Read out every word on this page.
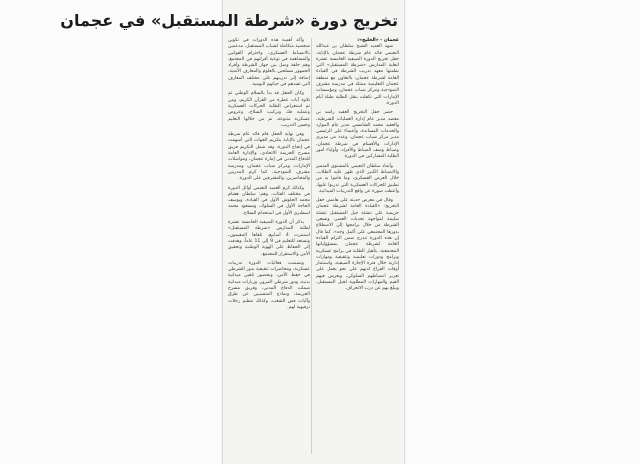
تخريج دورة «شرطة المستقبل» في عجمان
عجمان - «الخليج»:
شهد العميد الشيخ سلطان بن عبدالله النعيمي قائد عام شرطة عجمان بالإنابة، حفل تخريج الدورة الصيفية الخامسة عشرة لتعلية المدارس «شرطة المستقبل» التي نظمتها معهد تدريب الشرطة في القيادة العامة لشرطة عجمان، بالتعاون مع منطقة عجمان التعليمية ممثلة في مدرسة مشرف النموذجية ومركز شباب عجمان، ومؤسسات الإمارات التي تكفلت بنقل الطلبة طيلة أيام الدورة.
حضر حفل التخريج العقيد راشد بن معضد مدير عام إدارة العمليات الشرطية، والعقيد محمد الشامسي مدير عام الموارد والخدمات المساندة، وأعضاء على الرئيسي مدير مركز شباب عجمان، وعدد من مديري الإدارات والأقسام في شرطة عجمان، وضباط وصف الضباط والأفراد، وأولياء أمور الطلبة المشاركين في الدورة.
وأشاد سلطان النعيمي بالمستوى المتميز والانضباط الكبير الذي ظهر عليه الطلاب، خلال العرض العسكري، وما قاموا به من تطبيق للحركات العسكرية التي تدربوا عليها، وأعطت صورة عن واقع التدريبات الميدانية.
وقال في معرض حديثه على هامش حفل التخريج: «القيادة العامة لشرطة عجمان حريصة على تنشئة جيل المستقبل تنشئة سليمة لمواجهة تحديات العصر، وتسعى الشرطة من خلال برامجها إلى الاضطلاع بدورها المجتمعي على أكمل وجه». كما قال إن هذه الدورة تندرج ضمن التزام القيادة العامة لشرطة عجمان بمسؤولياتها المجتمعية، بتأهيل الطلبة في برامج عسكرية وبرامج ودورات تعليمية وتثقيفية ومهارات إدارية خلال فترة الإجازة الصيفية، واستثمار أوقات الفراغ لديهم على نحو يعمل على تعزيز انضباطهم السلوكي، ويغرس فيهم القيم والمهارات المطلوبة لجيل المستقبل، ويبلغ بهم عن درب الانحراف.
وأكد أهمية هذه الدورات في تكوين شخصية متكاملة لشباب المستقبل، مدعمين بالانضباط العسكري، واحترام القوانين والمساهمة في توعية أقرانهم في المجتمع، وهم حلقة وصل بين جهاز الشرطة وأفراد الجمهور مسلحين بالعلوم والمعارف الأمنية، إضافة إلى تدريبهم على مختلف المعارف التي تفيدهم في حياتهم اليومية.
وكان الحفل قد بدأ بالسلام الوطني ثم تلاوة آيات عطرة من القرآن الكريم، ومن ثم استعراض الطلبة الحركات العسكرية وعملية فك وتركيب السلاح، وعروض عسكرية متنوعة، تم من خلالها التعليم وحسن التدريب.
وفي نهاية الحفل قام قائد عام شرطة عجمان بالإنابة بتكريم الجهات التي أسهمت في إنجاح الدورة، وقد شمل التكريم فريق مسرح الجريمة الاتحادي، والإدارة العامة للدفاع المدني في إمارة عجمان، ومواصلات الإمارات، ومركز شباب عجمان، ومدرسة مشرف النموذجية، كما كرم المدربين والمحاضرين، والمشرفين على الدورة.
وكذلك كرم العميد النعيمي أوائل الدورة في مختلف الفئات، وهم: سلطان هشام محمد الجلوش الأول في القيادة، ويوسف الحاجة الأول في السلوك، ومسعود محمد اسطبري الأول في استخدام السلاح.
يذكر أن الدورة الصيفية الخامسة عشرة لطلبة المدارس «شرطة المستقبل» استمرت 4 أسابيع، تلقاها المقيمون، وتستعد للتعليم في 9 إلى 11 عاماً، وهدفت إلى الحفاظ على الهوية الوطنية وتحقيق الأمن والاستقرار للمجتمع.
وتضمنت فعاليات الدورة تدريبات عسكرية، ومحاضرات تثقيفية بدور الشرطي في حفظ الأمن، وبحضور تلقين ميدانية بدنية، ودور شرطي المرور، وزيارات ميدانية شملت الدفاع المدني، وفريق مسرح الجريمة، ونماذج المتسببين عن طرق وآليات فض الشغب، وكذلك تنظيم رحلات ترفيهية لهم.
